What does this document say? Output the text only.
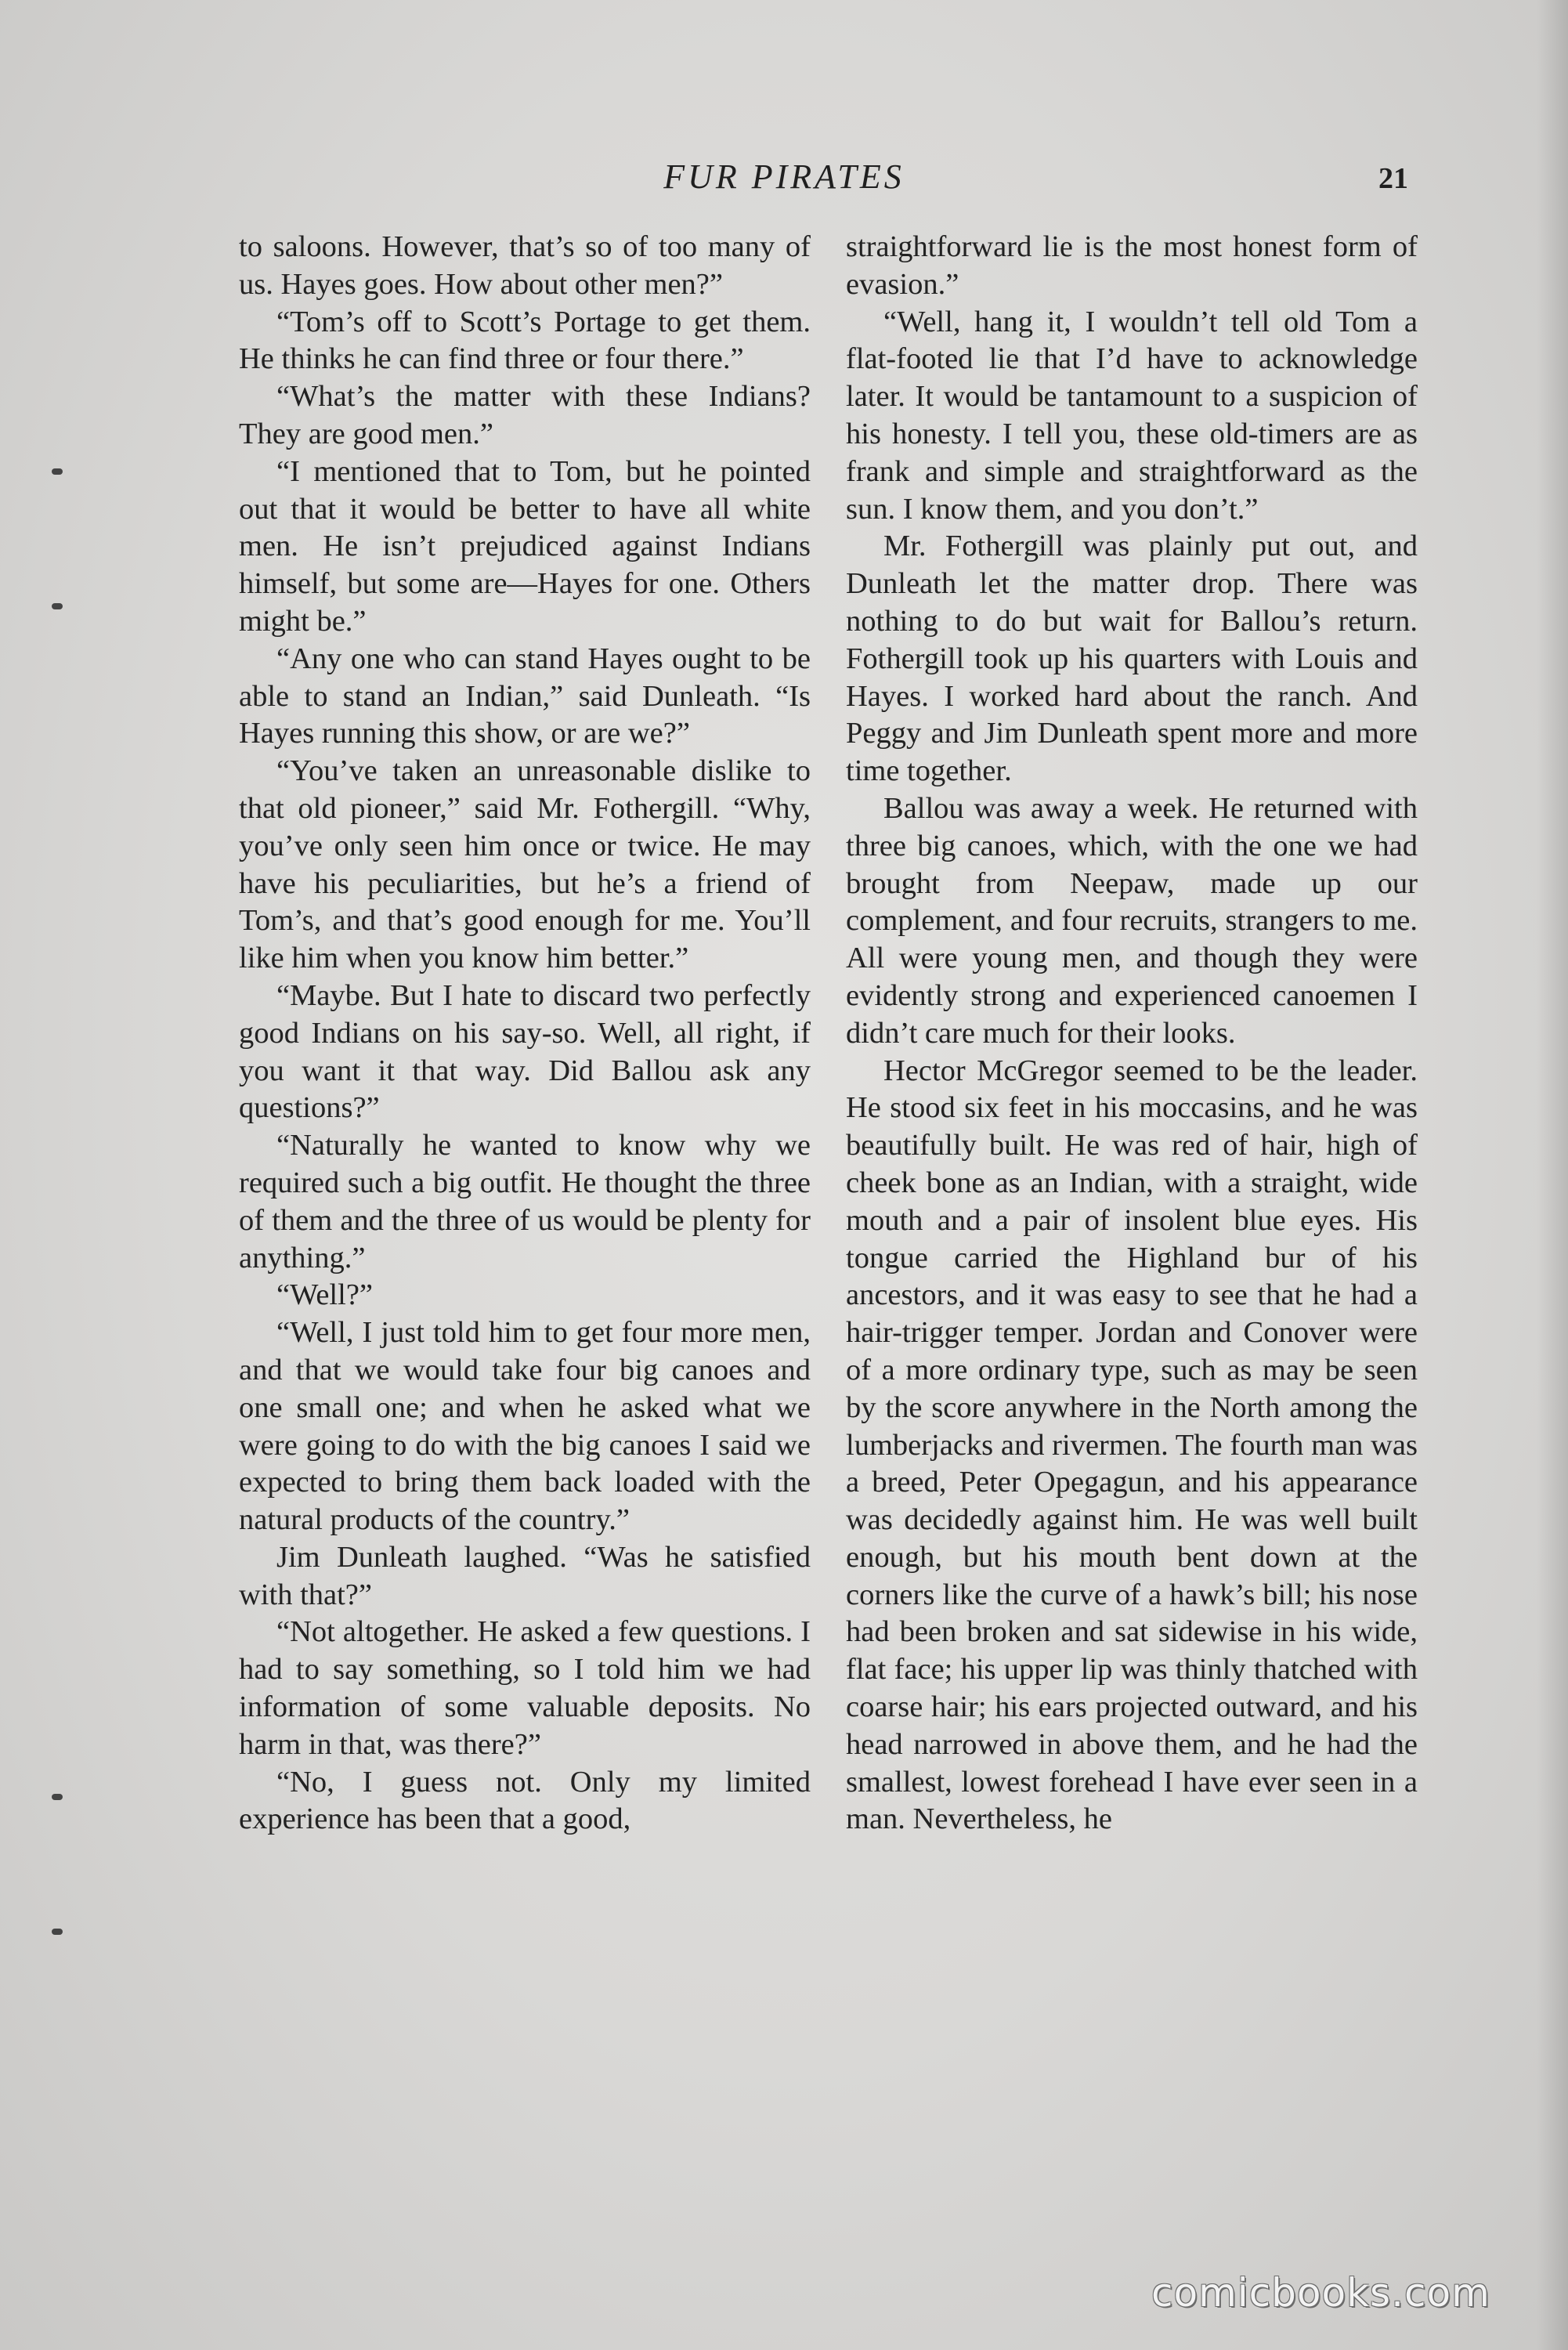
FUR PIRATES	21

to saloons. However, that’s so of too many of us. Hayes goes. How about other men?”

“Tom’s off to Scott’s Portage to get them. He thinks he can find three or four there.”

“What’s the matter with these Indians? They are good men.”

“I mentioned that to Tom, but he pointed out that it would be better to have all white men. He isn’t prejudiced against Indians himself, but some are—Hayes for one. Others might be.”

“Any one who can stand Hayes ought to be able to stand an Indian,” said Dunleath. “Is Hayes running this show, or are we?”

“You’ve taken an unreasonable dislike to that old pioneer,” said Mr. Fothergill. “Why, you’ve only seen him once or twice. He may have his peculiarities, but he’s a friend of Tom’s, and that’s good enough for me. You’ll like him when you know him better.”

“Maybe. But I hate to discard two perfectly good Indians on his say-so. Well, all right, if you want it that way. Did Ballou ask any questions?”

“Naturally he wanted to know why we required such a big outfit. He thought the three of them and the three of us would be plenty for anything.”

“Well?”

“Well, I just told him to get four more men, and that we would take four big canoes and one small one; and when he asked what we were going to do with the big canoes I said we expected to bring them back loaded with the natural products of the country.”

Jim Dunleath laughed. “Was he satisfied with that?”

“Not altogether. He asked a few questions. I had to say something, so I told him we had information of some valuable deposits. No harm in that, was there?”

“No, I guess not. Only my limited experience has been that a good,

straightforward lie is the most honest form of evasion.”

“Well, hang it, I wouldn’t tell old Tom a flat-footed lie that I’d have to acknowledge later. It would be tantamount to a suspicion of his honesty. I tell you, these old-timers are as frank and simple and straightforward as the sun. I know them, and you don’t.”

Mr. Fothergill was plainly put out, and Dunleath let the matter drop. There was nothing to do but wait for Ballou’s return. Fothergill took up his quarters with Louis and Hayes. I worked hard about the ranch. And Peggy and Jim Dunleath spent more and more time together.

Ballou was away a week. He returned with three big canoes, which, with the one we had brought from Neepaw, made up our complement, and four recruits, strangers to me. All were young men, and though they were evidently strong and experienced canoemen I didn’t care much for their looks.

Hector McGregor seemed to be the leader. He stood six feet in his moccasins, and he was beautifully built. He was red of hair, high of cheek bone as an Indian, with a straight, wide mouth and a pair of insolent blue eyes. His tongue carried the Highland bur of his ancestors, and it was easy to see that he had a hair-trigger temper. Jordan and Conover were of a more ordinary type, such as may be seen by the score anywhere in the North among the lumberjacks and rivermen. The fourth man was a breed, Peter Opegagun, and his appearance was decidedly against him. He was well built enough, but his mouth bent down at the corners like the curve of a hawk’s bill; his nose had been broken and sat sidewise in his wide, flat face; his upper lip was thinly thatched with coarse hair; his ears projected outward, and his head narrowed in above them, and he had the smallest, lowest forehead I have ever seen in a man. Nevertheless, he

comicbooks.com
